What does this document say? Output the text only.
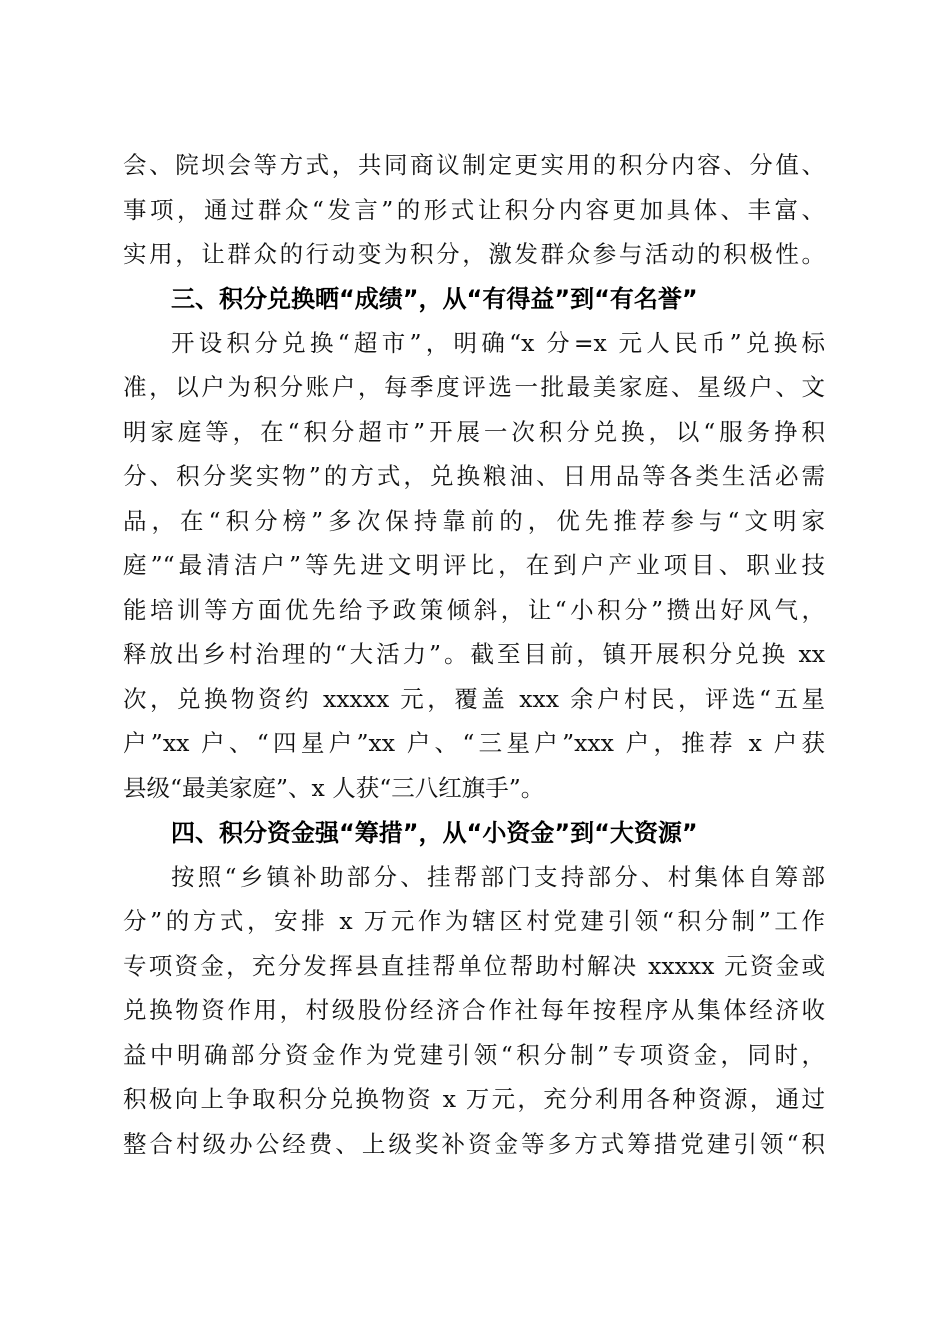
会、院坝会等方式，共同商议制定更实用的积分内容、分值、
事项，通过群众“发言”的形式让积分内容更加具体、丰富、
实用，让群众的行动变为积分，激发群众参与活动的积极性。
三、积分兑换晒“成绩”，从“有得益”到“有名誉”
开设积分兑换“超市”，明确“x 分=x 元人民币”兑换标
准，以户为积分账户，每季度评选一批最美家庭、星级户、文
明家庭等，在“积分超市”开展一次积分兑换，以“服务挣积
分、积分奖实物”的方式，兑换粮油、日用品等各类生活必需
品，在“积分榜”多次保持靠前的，优先推荐参与“文明家
庭”“最清洁户”等先进文明评比，在到户产业项目、职业技
能培训等方面优先给予政策倾斜，让“小积分”攒出好风气，
释放出乡村治理的“大活力”。截至目前，镇开展积分兑换 xx
次，兑换物资约 xxxxx 元，覆盖 xxx 余户村民，评选“五星
户”xx 户、“四星户”xx 户、“三星户”xxx 户，推荐 x 户获
县级“最美家庭”、x 人获“三八红旗手”。
四、积分资金强“筹措”，从“小资金”到“大资源”
按照“乡镇补助部分、挂帮部门支持部分、村集体自筹部
分”的方式，安排 x 万元作为辖区村党建引领“积分制”工作
专项资金，充分发挥县直挂帮单位帮助村解决 xxxxx 元资金或
兑换物资作用，村级股份经济合作社每年按程序从集体经济收
益中明确部分资金作为党建引领“积分制”专项资金，同时，
积极向上争取积分兑换物资 x 万元，充分利用各种资源，通过
整合村级办公经费、上级奖补资金等多方式筹措党建引领“积
